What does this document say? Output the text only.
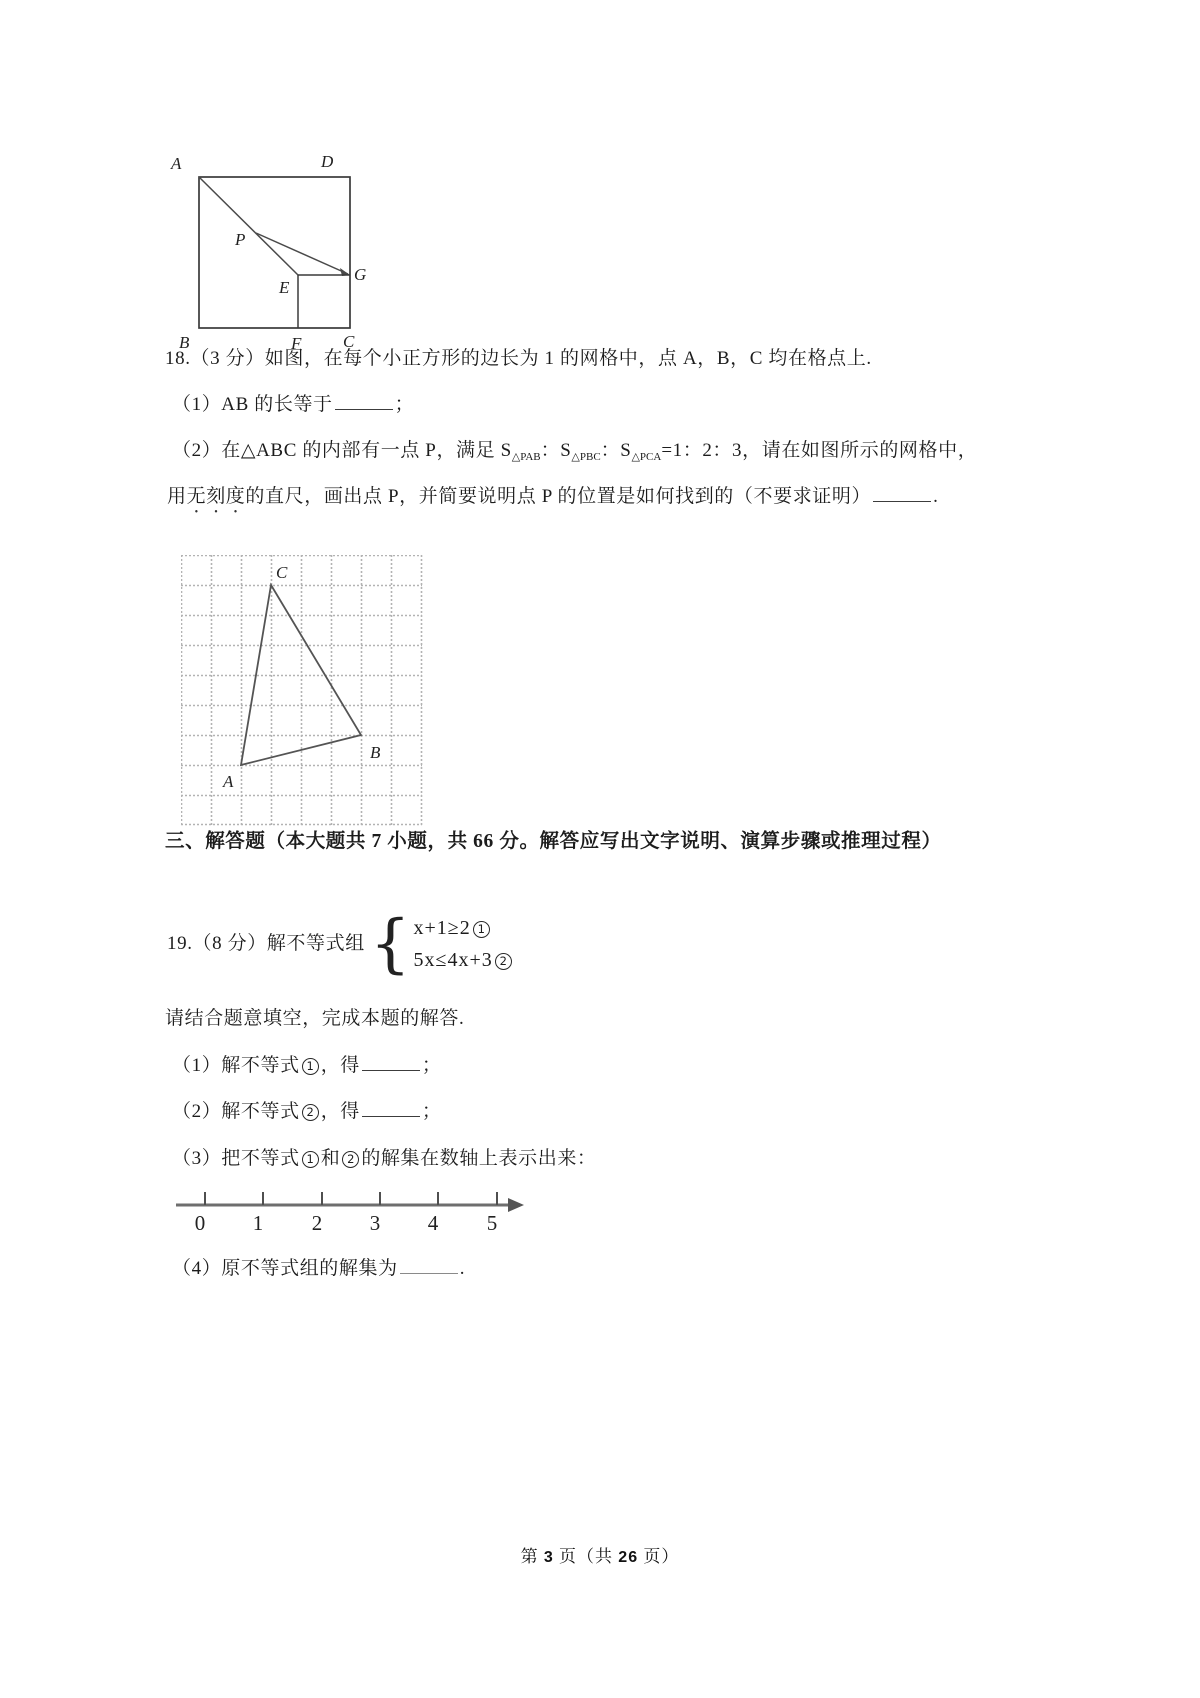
A	D
B	C
F
E
G
P
18.（3 分）如图，在每个小正方形的边长为 1 的网格中，点 A，B，C 均在格点上.
（1）AB 的长等于	；
（2）在△ABC 的内部有一点 P，满足 $S_{\triangle PAB}$：$S_{\triangle PBC}$：$S_{\triangle PCA}=1$：2：3，请在如图所示的网格中，
用无刻度的直尺，画出点 P，并简要说明点 P 的位置是如何找到的（不要求证明）	.
C
B
A
三、解答题（本大题共 7 小题，共 66 分。解答应写出文字说明、演算步骤或推理过程）
19.（8 分）解不等式组 { x+1≥2 1
5x≤4x+3 2
请结合题意填空，完成本题的解答.
（1）解不等式 1 ，得	；
（2）解不等式 2 ，得	；
（3）把不等式 1 和 2 的解集在数轴上表示出来：
0 1 2 3 4 5
（4）原不等式组的解集为	.
第 3 页（共 26 页）
